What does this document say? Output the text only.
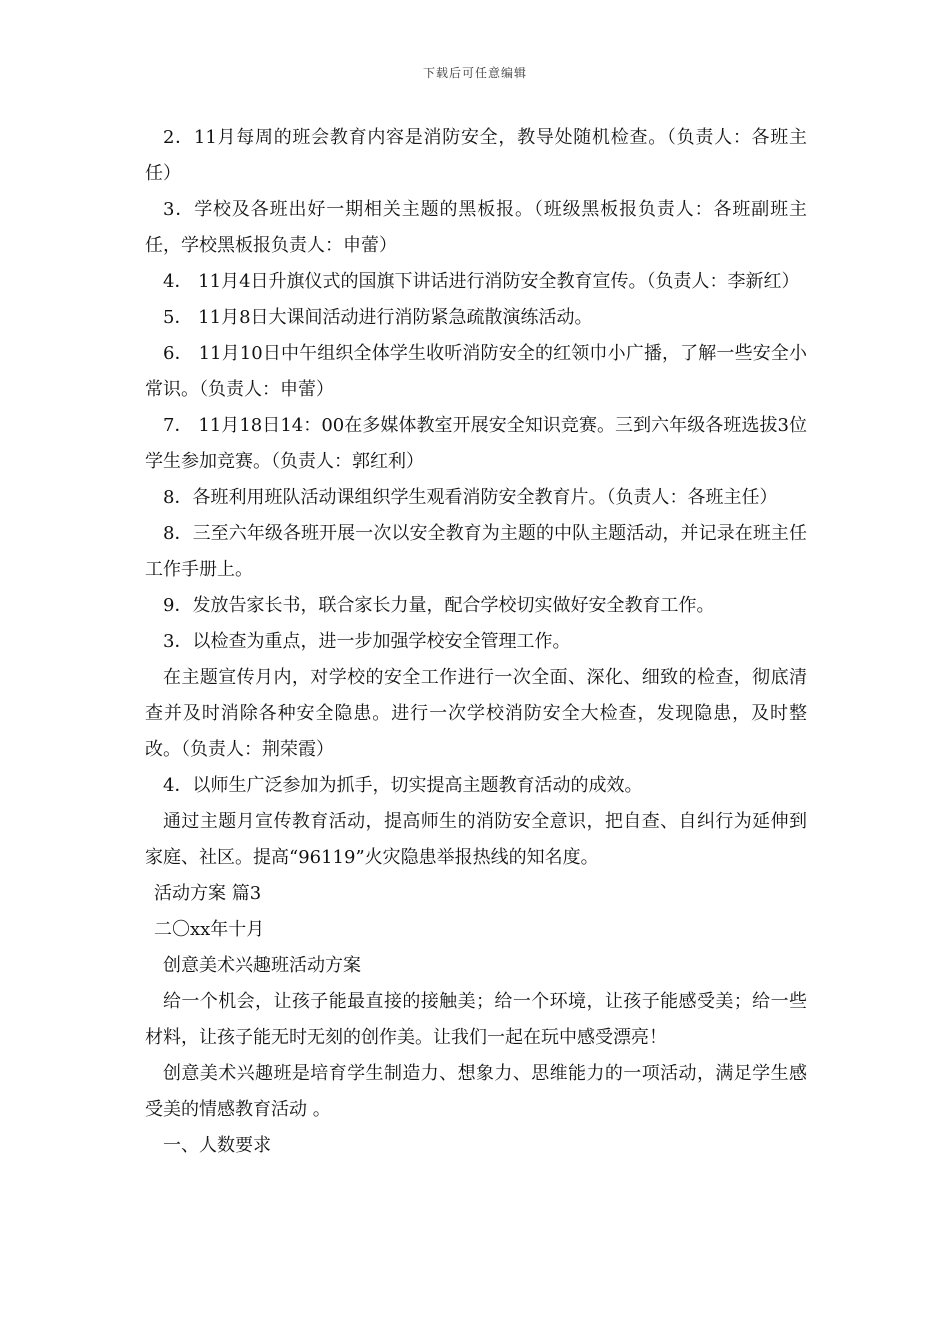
下载后可任意编辑

2．11月每周的班会教育内容是消防安全，教导处随机检查。（负责人：各班主任）

3．学校及各班出好一期相关主题的黑板报。（班级黑板报负责人：各班副班主任，学校黑板报负责人：申蕾）

4． 11月4日升旗仪式的国旗下讲话进行消防安全教育宣传。（负责人：李新红）

5． 11月8日大课间活动进行消防紧急疏散演练活动。

6． 11月10日中午组织全体学生收听消防安全的红领巾小广播，了解一些安全小常识。（负责人：申蕾）

7． 11月18日14：00在多媒体教室开展安全知识竞赛。三到六年级各班选拔3位学生参加竞赛。（负责人：郭红利）

8．各班利用班队活动课组织学生观看消防安全教育片。（负责人：各班主任）

8．三至六年级各班开展一次以安全教育为主题的中队主题活动，并记录在班主任工作手册上。

9．发放告家长书，联合家长力量，配合学校切实做好安全教育工作。

3．以检查为重点，进一步加强学校安全管理工作。

在主题宣传月内，对学校的安全工作进行一次全面、深化、细致的检查，彻底清查并及时消除各种安全隐患。进行一次学校消防安全大检查，发现隐患，及时整改。（负责人：荆荣霞）

4．以师生广泛参加为抓手，切实提高主题教育活动的成效。

通过主题月宣传教育活动，提高师生的消防安全意识，把自查、自纠行为延伸到家庭、社区。提高“96119”火灾隐患举报热线的知名度。

活动方案 篇3

二〇xx年十月

创意美术兴趣班活动方案

给一个机会，让孩子能最直接的接触美；给一个环境，让孩子能感受美；给一些材料，让孩子能无时无刻的创作美。让我们一起在玩中感受漂亮！

创意美术兴趣班是培育学生制造力、想象力、思维能力的一项活动，满足学生感受美的情感教育活动 。

一、人数要求
